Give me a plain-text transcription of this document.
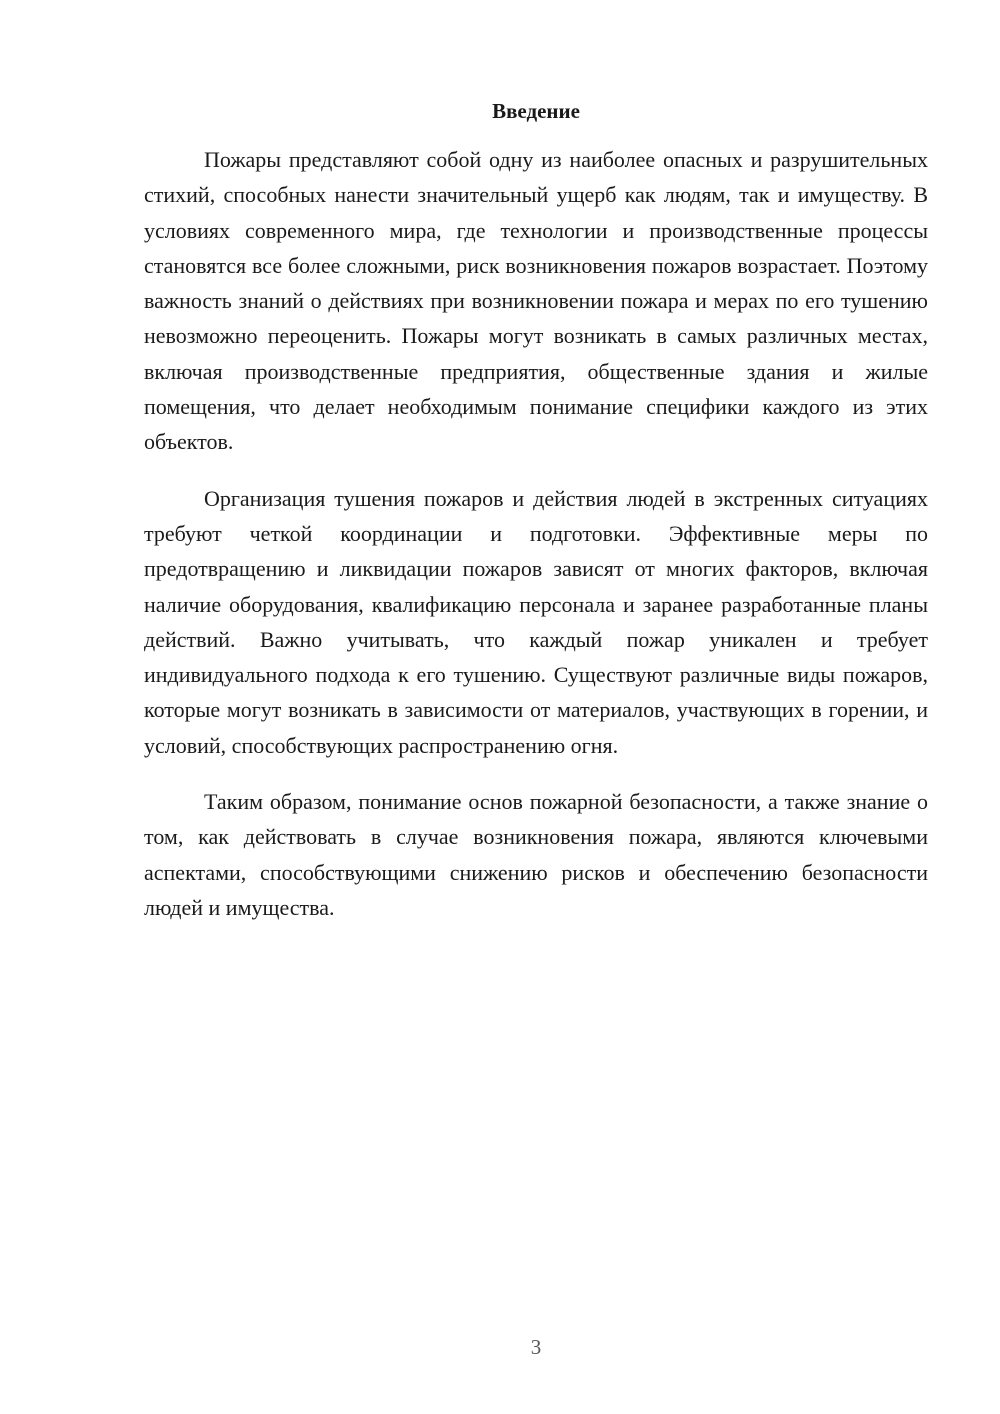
Введение

Пожары представляют собой одну из наиболее опасных и разрушительных стихий, способных нанести значительный ущерб как людям, так и имуществу. В условиях современного мира, где технологии и производственные процессы становятся все более сложными, риск возникновения пожаров возрастает. Поэтому важность знаний о действиях при возникновении пожара и мерах по его тушению невозможно переоценить. Пожары могут возникать в самых различных местах, включая производственные предприятия, общественные здания и жилые помещения, что делает необходимым понимание специфики каждого из этих объектов.

Организация тушения пожаров и действия людей в экстренных ситуациях требуют четкой координации и подготовки. Эффективные меры по предотвращению и ликвидации пожаров зависят от многих факторов, включая наличие оборудования, квалификацию персонала и заранее разработанные планы действий. Важно учитывать, что каждый пожар уникален и требует индивидуального подхода к его тушению. Существуют различные виды пожаров, которые могут возникать в зависимости от материалов, участвующих в горении, и условий, способствующих распространению огня.

Таким образом, понимание основ пожарной безопасности, а также знание о том, как действовать в случае возникновения пожара, являются ключевыми аспектами, способствующими снижению рисков и обеспечению безопасности людей и имущества.

3
